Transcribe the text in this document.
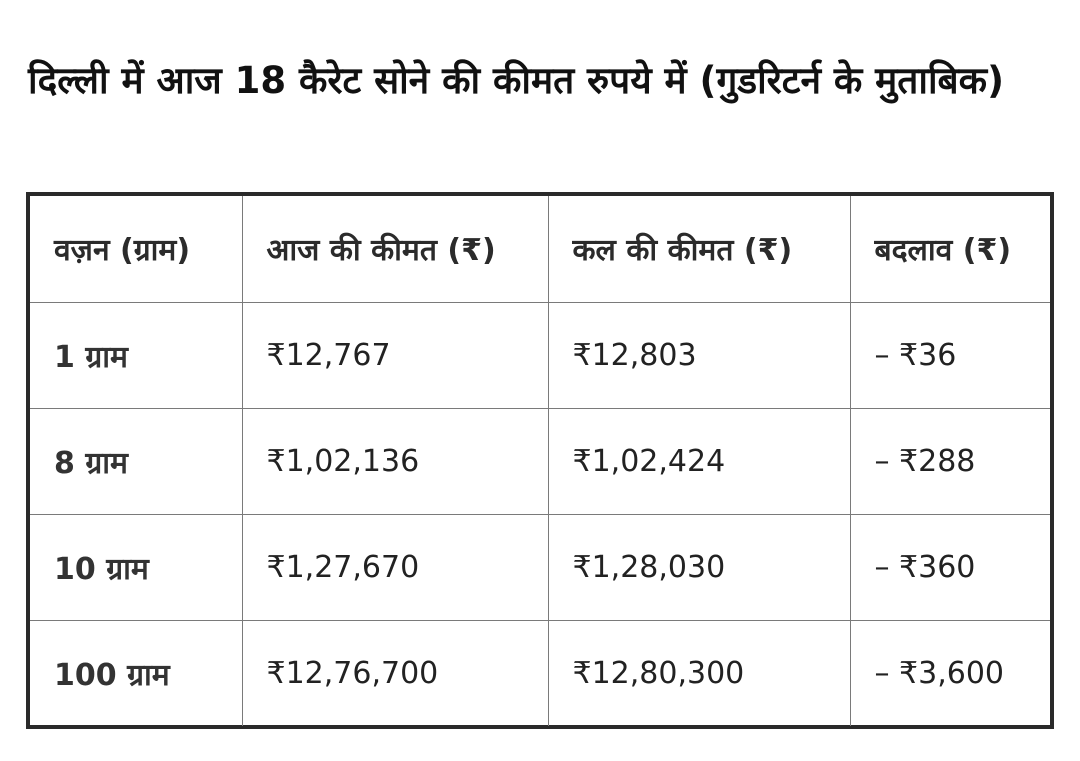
दिल्ली में आज 18 कैरेट सोने की कीमत रुपये में (गुडरिटर्न के मुताबिक)
वज़न (ग्राम)	आज की कीमत (₹)	कल की कीमत (₹)	बदलाव (₹)
1 ग्राम	₹12,767	₹12,803	– ₹36
8 ग्राम	₹1,02,136	₹1,02,424	– ₹288
10 ग्राम	₹1,27,670	₹1,28,030	– ₹360
100 ग्राम	₹12,76,700	₹12,80,300	– ₹3,600
